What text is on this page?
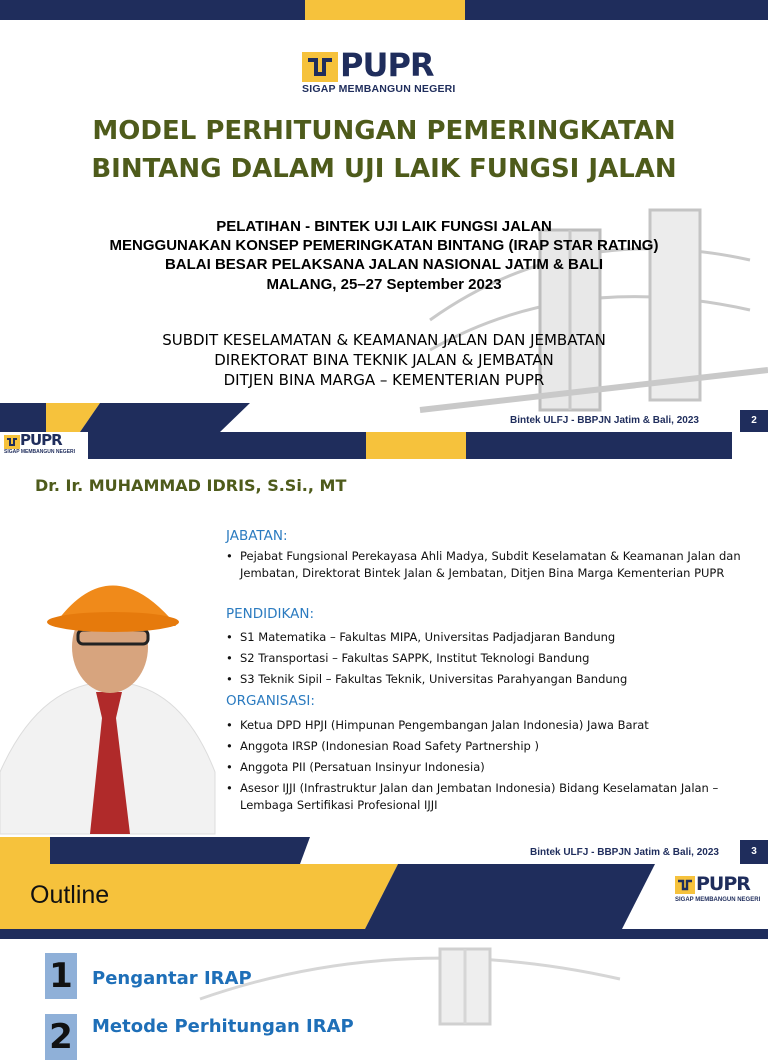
PUPR
SIGAP MEMBANGUN NEGERI
MODEL PERHITUNGAN PEMERINGKATAN
BINTANG DALAM UJI LAIK FUNGSI JALAN
PELATIHAN - BINTEK UJI LAIK FUNGSI JALAN
MENGGUNAKAN KONSEP PEMERINGKATAN BINTANG (IRAP STAR RATING)
BALAI BESAR PELAKSANA JALAN NASIONAL JATIM & BALI
MALANG, 25–27 September 2023
SUBDIT KESELAMATAN & KEAMANAN JALAN DAN JEMBATAN
DIREKTORAT BINA TEKNIK JALAN & JEMBATAN
DITJEN BINA MARGA – KEMENTERIAN PUPR
Bintek ULFJ - BBPJN Jatim & Bali, 2023	2
PUPR
SIGAP MEMBANGUN NEGERI
Dr. Ir. MUHAMMAD IDRIS, S.Si., MT
JABATAN:
• Pejabat Fungsional Perekayasa Ahli Madya, Subdit Keselamatan & Keamanan Jalan dan Jembatan, Direktorat Bintek Jalan & Jembatan, Ditjen Bina Marga Kementerian PUPR
PENDIDIKAN:
• S1 Matematika – Fakultas MIPA, Universitas Padjadjaran Bandung
• S2 Transportasi – Fakultas SAPPK, Institut Teknologi Bandung
• S3 Teknik Sipil – Fakultas Teknik, Universitas Parahyangan Bandung
ORGANISASI:
• Ketua DPD HPJI (Himpunan Pengembangan Jalan Indonesia) Jawa Barat
• Anggota IRSP (Indonesian Road Safety Partnership )
• Anggota PII (Persatuan Insinyur Indonesia)
• Asesor IJJI (Infrastruktur Jalan dan Jembatan Indonesia) Bidang Keselamatan Jalan – Lembaga Sertifikasi Profesional IJJI
Bintek ULFJ - BBPJN Jatim & Bali, 2023	3
Outline	PUPR
SIGAP MEMBANGUN NEGERI
1 Pengantar IRAP
2 Metode Perhitungan IRAP
